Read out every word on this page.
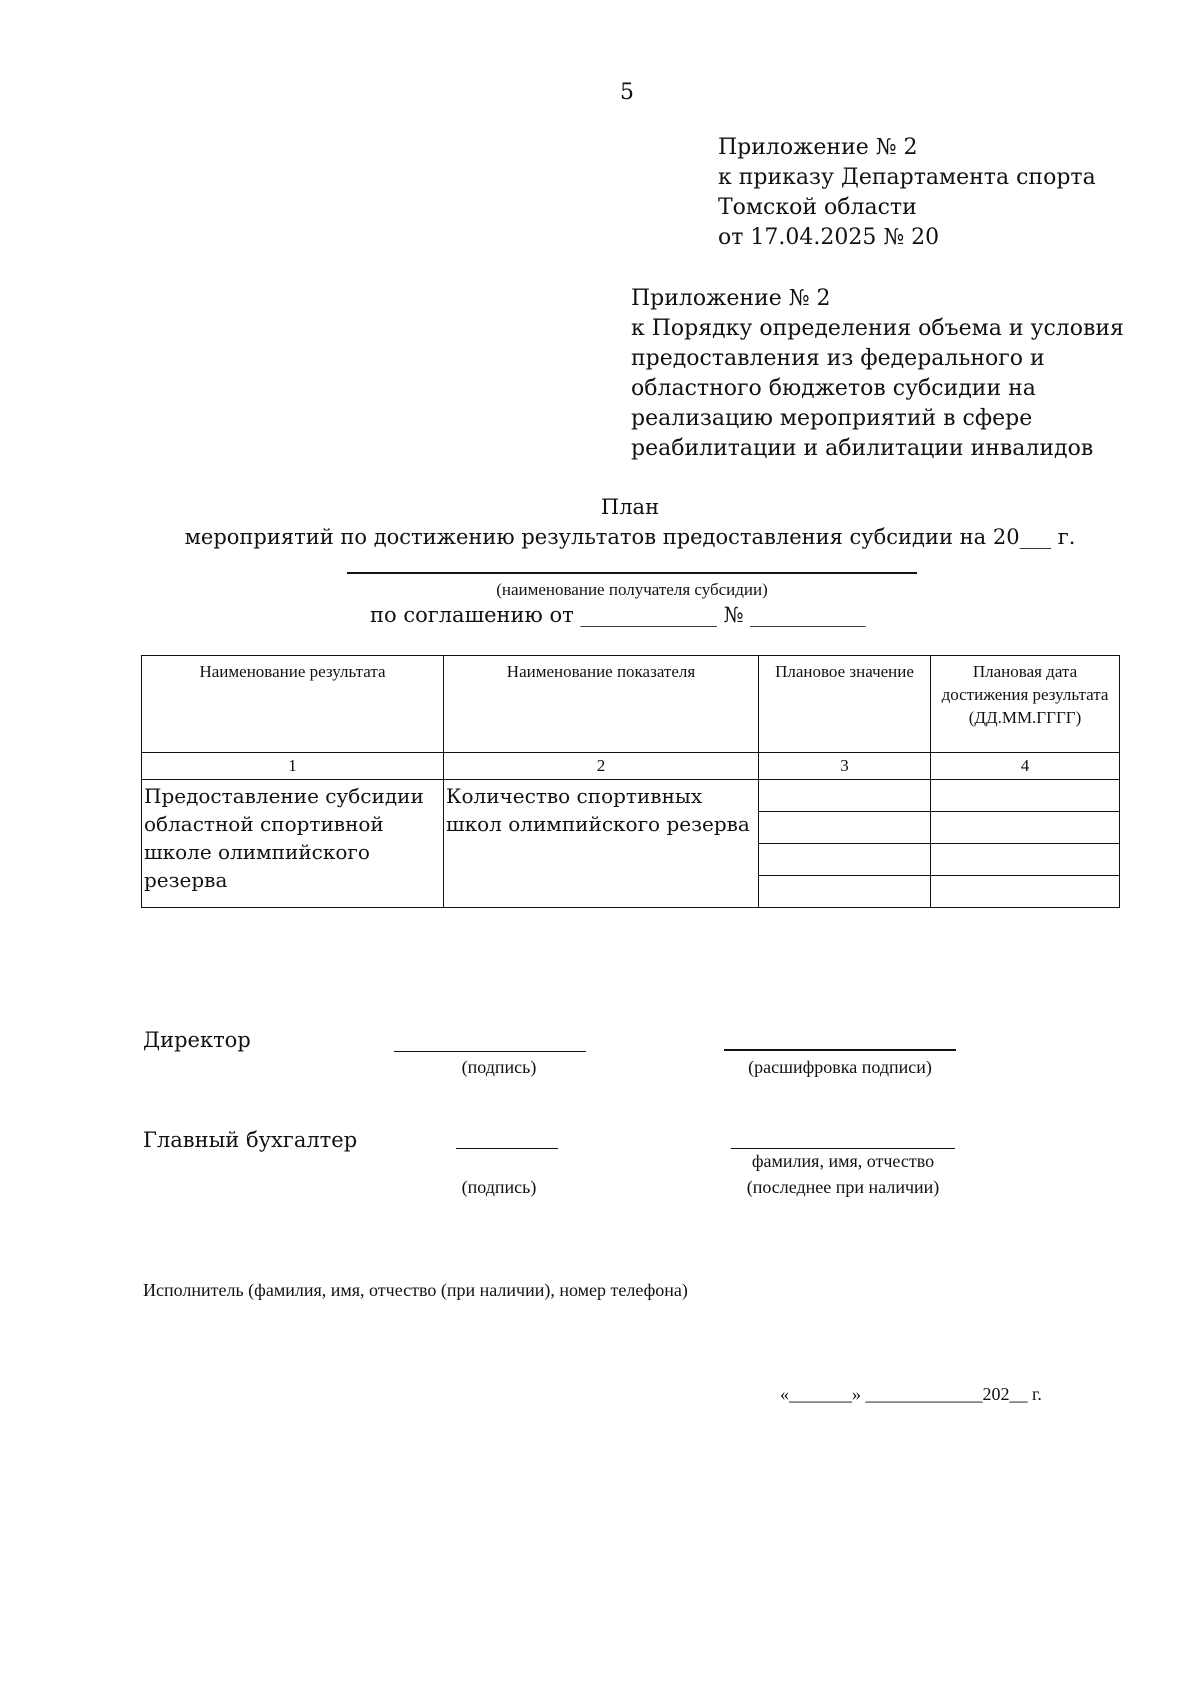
5
Приложение № 2
к приказу Департамента спорта
Томской области
от 17.04.2025 № 20
Приложение № 2
к Порядку определения объема и условия
предоставления из федерального и
областного бюджетов субсидии на
реализацию мероприятий в сфере
реабилитации и абилитации инвалидов
План
мероприятий по достижению результатов предоставления субсидии на 20___ г.
(наименование получателя субсидии)
по соглашению от _____________ № ___________
Наименование результата	Наименование показателя	Плановое значение	Плановая дата достижения результата (ДД.ММ.ГГГГ)
1	2	3	4
Предоставление субсидии областной спортивной школе олимпийского резерва	Количество спортивных школ олимпийского резерва		

Директор
(подпись)	(расшифровка подписи)
Главный бухгалтер
фамилия, имя, отчество
(подпись)	(последнее при наличии)
Исполнитель (фамилия, имя, отчество (при наличии), номер телефона)
«_______» _____________202__ г.
